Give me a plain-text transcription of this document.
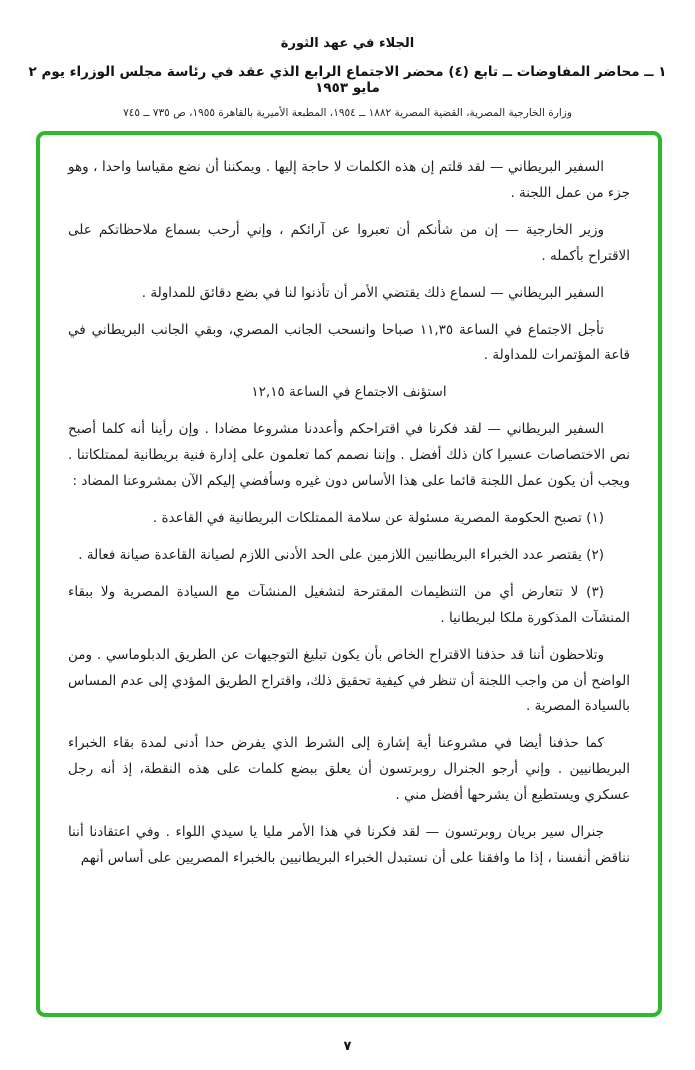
الجلاء في عهد الثورة
١ ــ محاضر المفاوضات ــ تابع (٤) محضر الاجتماع الرابع الذي عقد في رئاسة مجلس الوزراء يوم ٢ مايو ١٩٥٣
وزارة الخارجية المصرية، القضية المصرية ١٨٨٢ ــ ١٩٥٤، المطبعة الأميرية بالقاهرة ١٩٥٥، ص ٧٣٥ ــ ٧٤٥

السفير البريطاني — لقد قلتم إن هذه الكلمات لا حاجة إليها . ويمكننا أن نضع مقياسا واحدا ، وهو جزء من عمل اللجنة .

وزير الخارجية — إن من شأنكم أن تعبروا عن آرائكم ، وإني أرحب بسماع ملاحظاتكم على الاقتراح بأكمله .

السفير البريطاني — لسماع ذلك يقتضي الأمر أن تأذنوا لنا في بضع دقائق للمداولة .

تأجل الاجتماع في الساعة ١١,٣٥ صباحا وانسحب الجانب المصري، وبقي الجانب البريطاني في قاعة المؤتمرات للمداولة .

استؤنف الاجتماع في الساعة ١٢,١٥

السفير البريطاني — لقد فكرنا في اقتراحكم وأعددنا مشروعا مضادا . وإن رأينا أنه كلما أصبح نص الاختصاصات عسيرا كان ذلك أفضل . وإننا نصمم كما تعلمون على إدارة فنية بريطانية لممتلكاتنا . ويجب أن يكون عمل اللجنة قائما على هذا الأساس دون غيره وسأفضي إليكم الآن بمشروعنا المضاد :

(١) تصبح الحكومة المصرية مسئولة عن سلامة الممتلكات البريطانية في القاعدة .

(٢) يقتصر عدد الخبراء البريطانيين اللازمين على الحد الأدنى اللازم لصيانة القاعدة صيانة فعالة .

(٣) لا تتعارض أي من التنظيمات المقترحة لتشغيل المنشآت مع السيادة المصرية ولا ببقاء المنشآت المذكورة ملكا لبريطانيا .

وتلاحظون أننا قد حذفنا الاقتراح الخاص بأن يكون تبليغ التوجيهات عن الطريق الدبلوماسي . ومن الواضح أن من واجب اللجنة أن تنظر في كيفية تحقيق ذلك، واقتراح الطريق المؤدي إلى عدم المساس بالسيادة المصرية .

كما حذفنا أيضا في مشروعنا أية إشارة إلى الشرط الذي يفرض حدا أدنى لمدة بقاء الخبراء البريطانيين . وإني أرجو الجنرال روبرتسون أن يعلق ببضع كلمات على هذه النقطة، إذ أنه رجل عسكري ويستطيع أن يشرحها أفضل مني .

جنرال سير بريان روبرتسون — لقد فكرنا في هذا الأمر مليا يا سيدي اللواء . وفي اعتقادنا أننا نناقض أنفسنا ، إذا ما وافقنا على أن نستبدل الخبراء البريطانيين بالخبراء المصريين على أساس أنهم

٧
